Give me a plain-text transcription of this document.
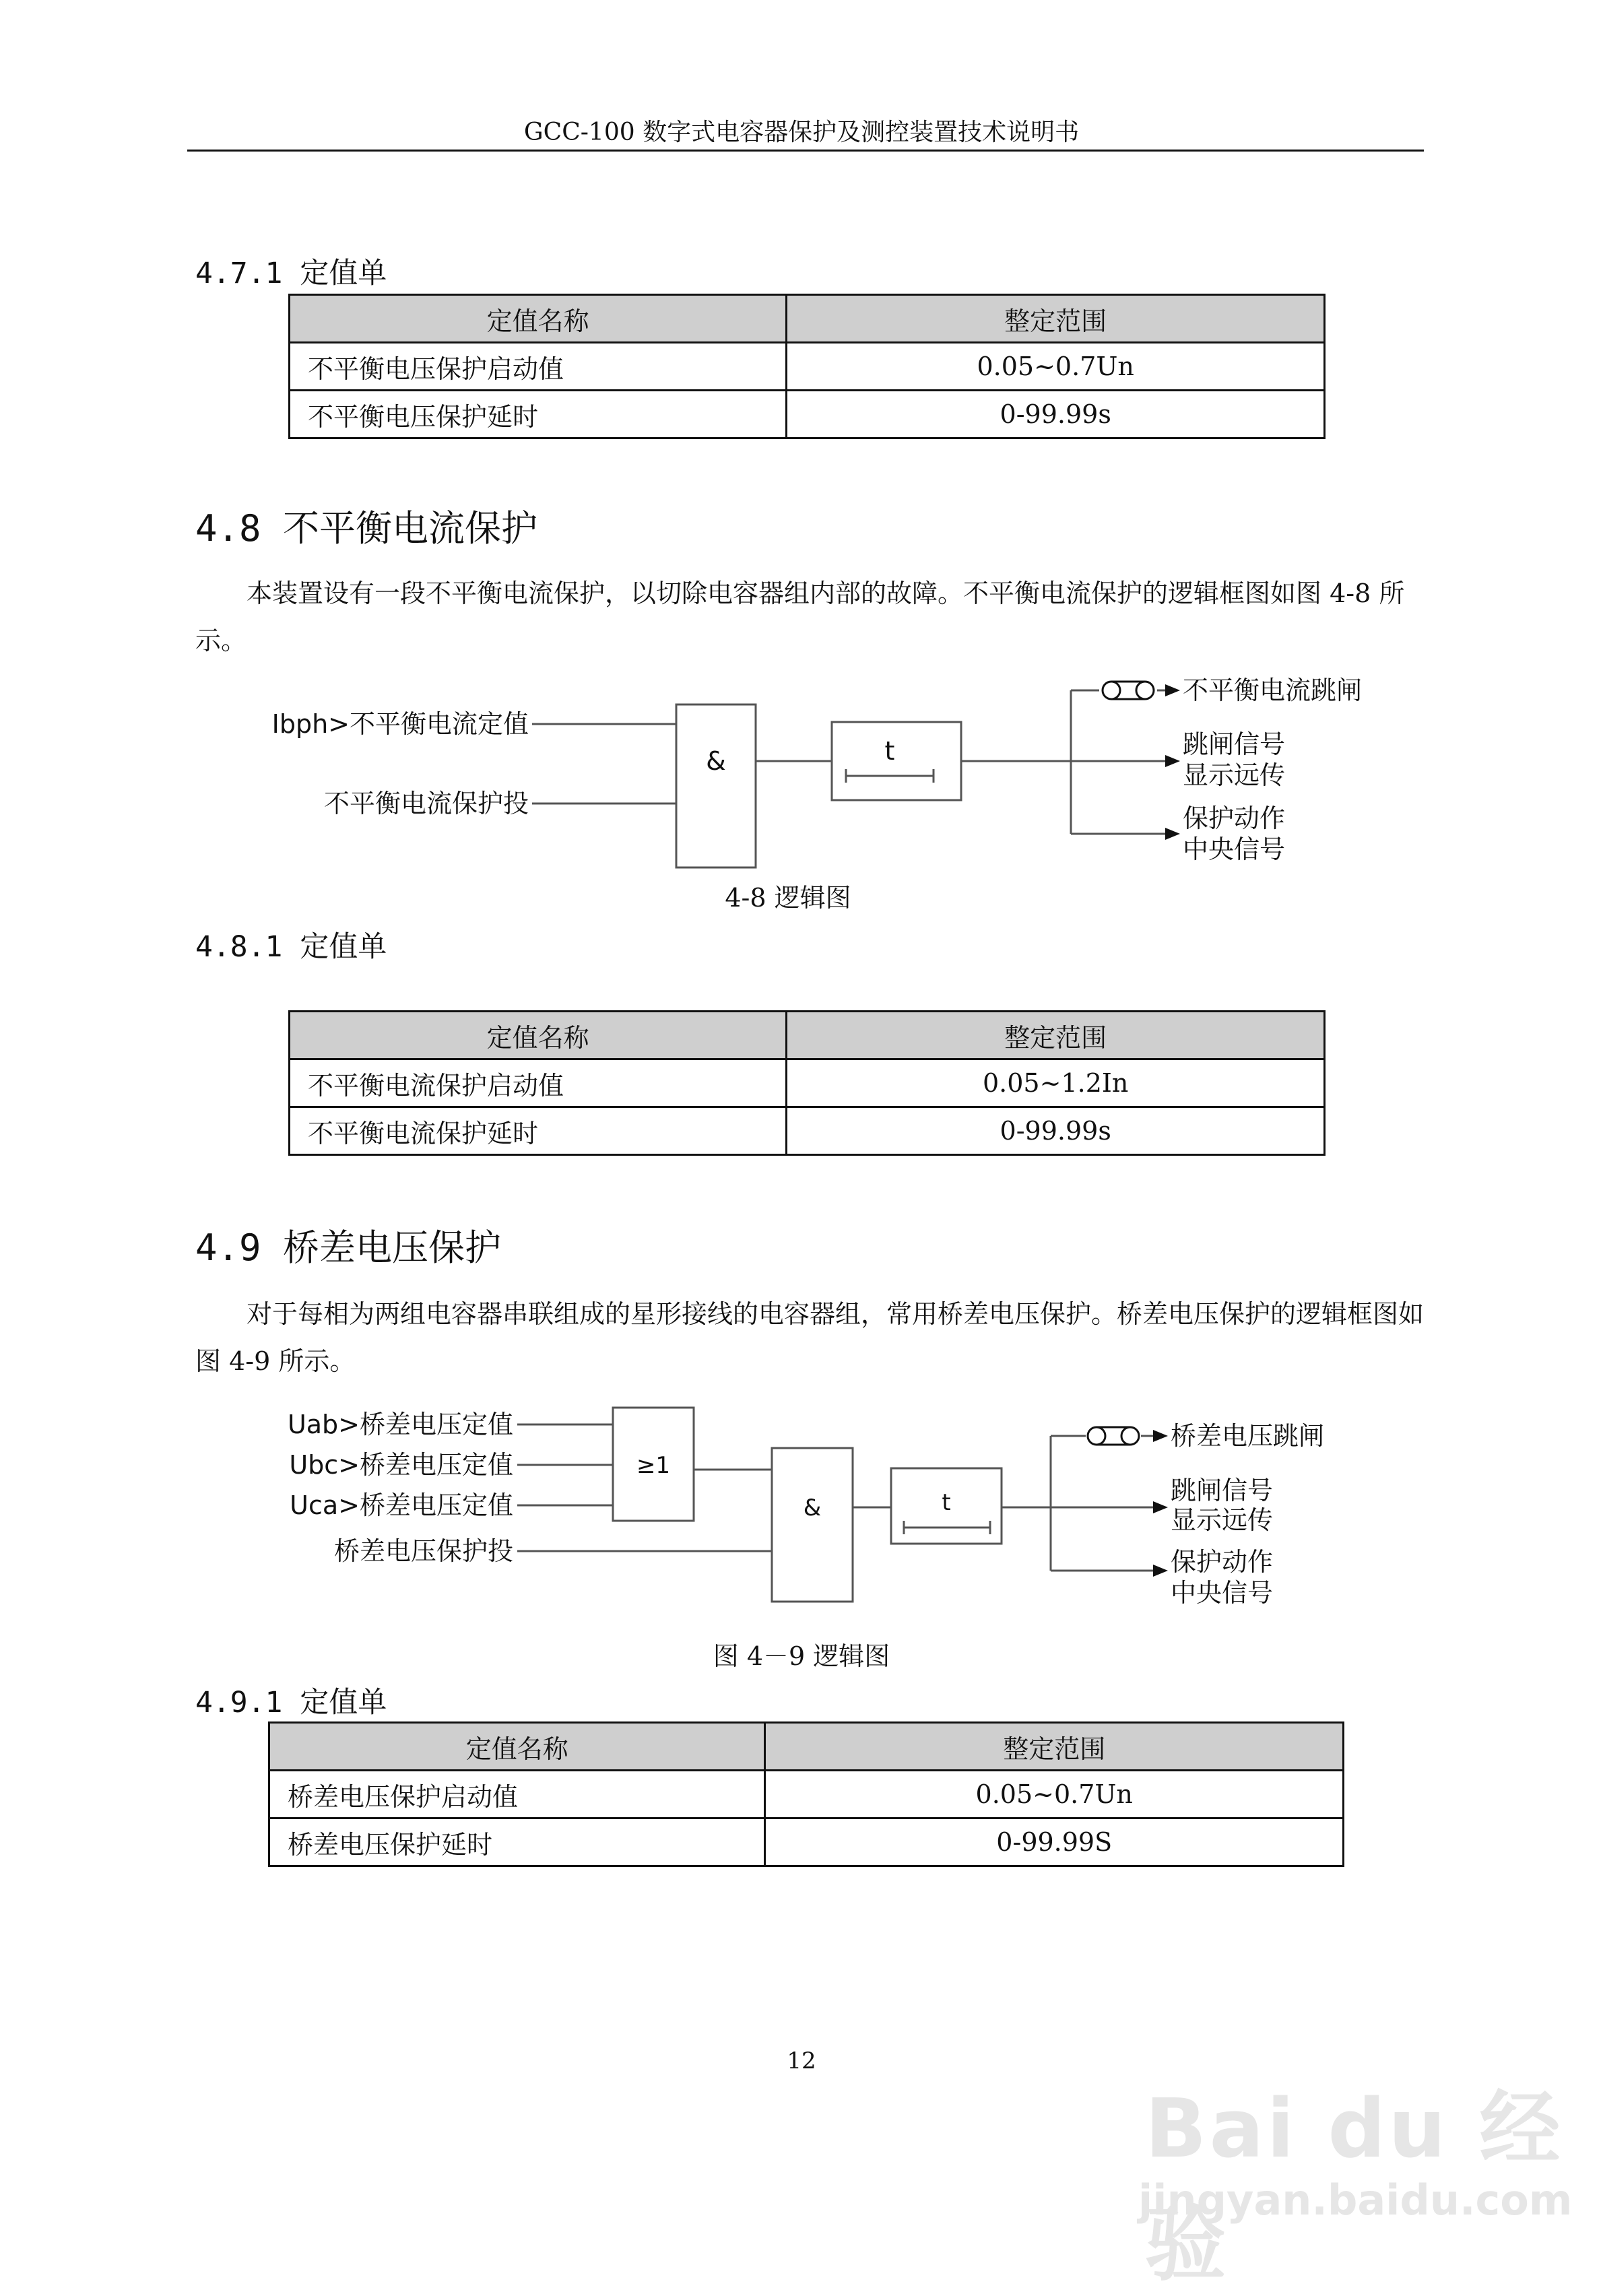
GCC-100 数字式电容器保护及测控装置技术说明书
4.7.1 定值单
定值名称	整定范围
不平衡电压保护启动值	0.05~0.7Un
不平衡电压保护延时	0-99.99s
4.8 不平衡电流保护
本装置设有一段不平衡电流保护，以切除电容器组内部的故障。不平衡电流保护的逻辑框图如图 4-8 所示。
Ibph>不平衡电流定值
不平衡电流保护投
&	t
不平衡电流跳闸
跳闸信号
显示远传
保护动作
中央信号
4-8 逻辑图
4.8.1 定值单
定值名称	整定范围
不平衡电流保护启动值	0.05~1.2In
不平衡电流保护延时	0-99.99s
4.9 桥差电压保护
对于每相为两组电容器串联组成的星形接线的电容器组，常用桥差电压保护。桥差电压保护的逻辑框图如图 4-9 所示。
Uab>桥差电压定值
Ubc>桥差电压定值
Uca>桥差电压定值
桥差电压保护投
≥1
&	t
桥差电压跳闸
跳闸信号
显示远传
保护动作
中央信号
图 4－9 逻辑图
4.9.1 定值单
定值名称	整定范围
桥差电压保护启动值	0.05~0.7Un
桥差电压保护延时	0-99.99S
12
Bai du 经验
jingyan.baidu.com
